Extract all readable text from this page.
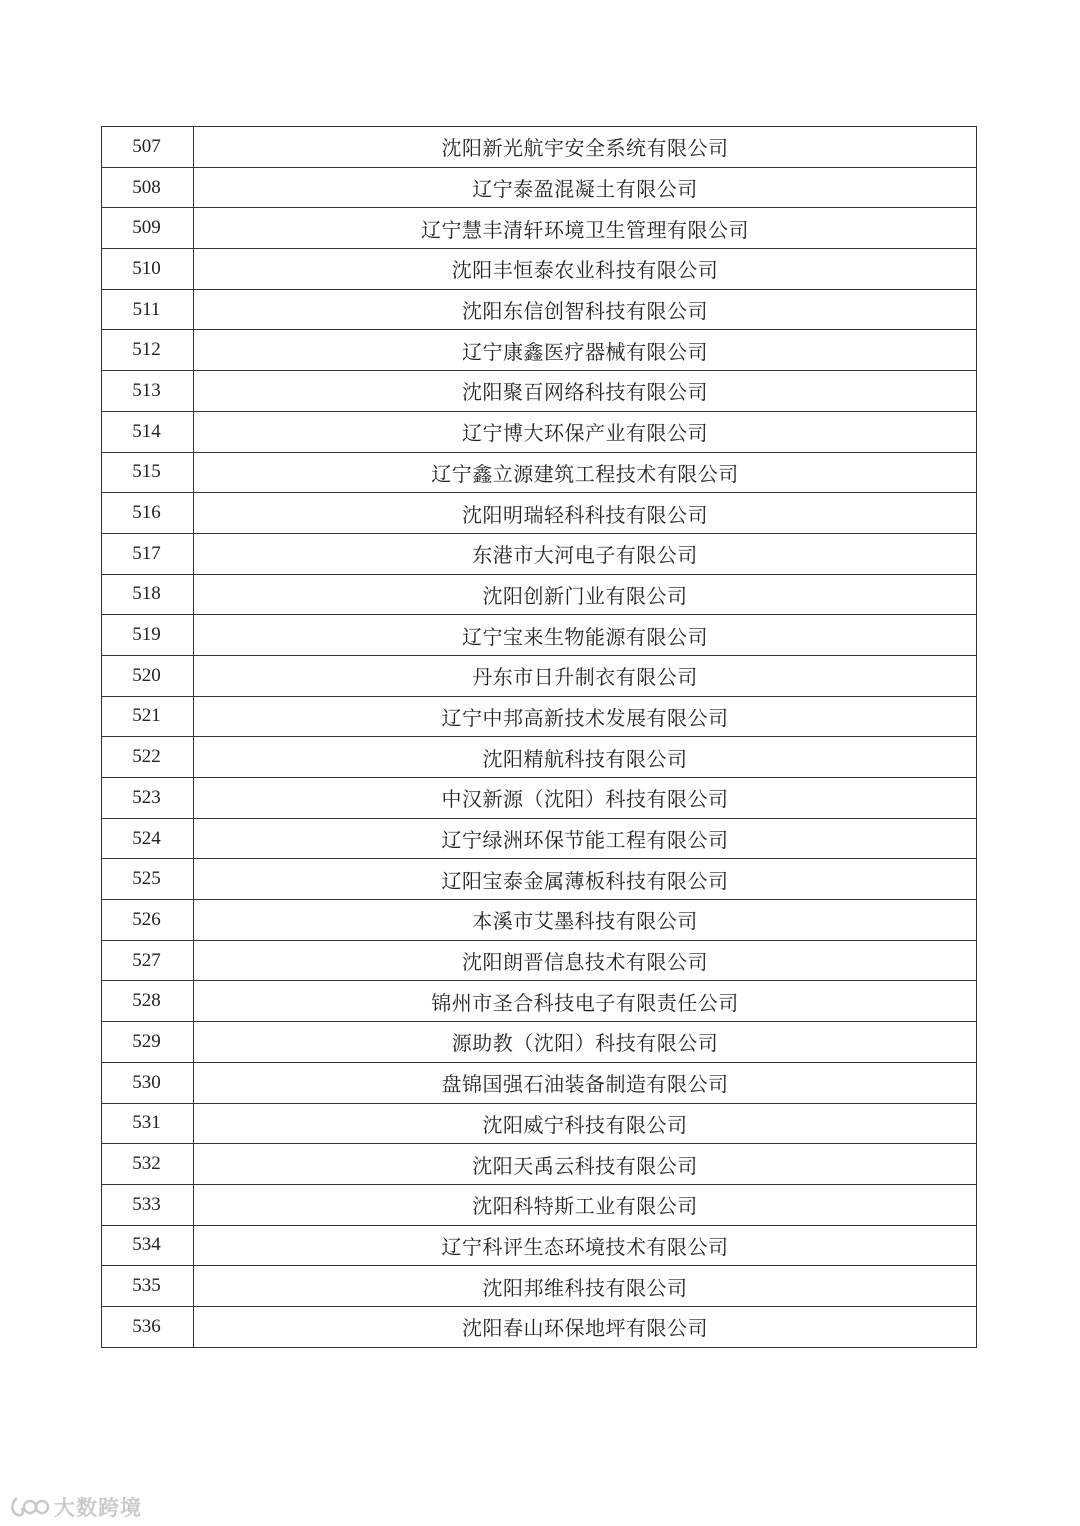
507	沈阳新光航宇安全系统有限公司
508	辽宁泰盈混凝土有限公司
509	辽宁慧丰清轩环境卫生管理有限公司
510	沈阳丰恒泰农业科技有限公司
511	沈阳东信创智科技有限公司
512	辽宁康鑫医疗器械有限公司
513	沈阳聚百网络科技有限公司
514	辽宁博大环保产业有限公司
515	辽宁鑫立源建筑工程技术有限公司
516	沈阳明瑞轻科科技有限公司
517	东港市大河电子有限公司
518	沈阳创新门业有限公司
519	辽宁宝来生物能源有限公司
520	丹东市日升制衣有限公司
521	辽宁中邦高新技术发展有限公司
522	沈阳精航科技有限公司
523	中汉新源（沈阳）科技有限公司
524	辽宁绿洲环保节能工程有限公司
525	辽阳宝泰金属薄板科技有限公司
526	本溪市艾墨科技有限公司
527	沈阳朗晋信息技术有限公司
528	锦州市圣合科技电子有限责任公司
529	源助教（沈阳）科技有限公司
530	盘锦国强石油装备制造有限公司
531	沈阳威宁科技有限公司
532	沈阳天禹云科技有限公司
533	沈阳科特斯工业有限公司
534	辽宁科评生态环境技术有限公司
535	沈阳邦维科技有限公司
536	沈阳春山环保地坪有限公司
大数跨境
